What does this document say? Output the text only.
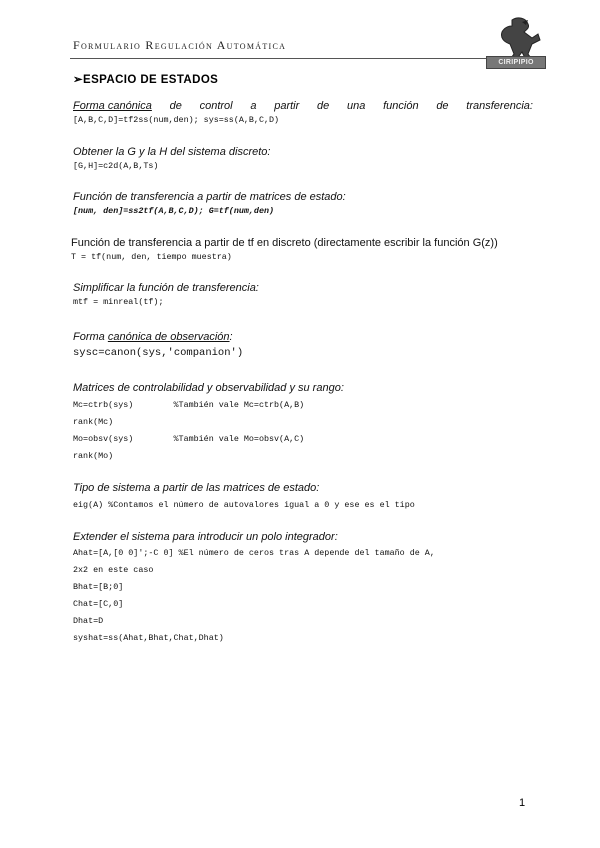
Formulario Regulación Automática
CIRIPIPIO
➢ESPACIO DE ESTADOS
Forma canónica de control a partir de una función de transferencia:
[A,B,C,D]=tf2ss(num,den); sys=ss(A,B,C,D)
Obtener la G y la H del sistema discreto:
[G,H]=c2d(A,B,Ts)
Función de transferencia a partir de matrices de estado:
[num, den]=ss2tf(A,B,C,D); G=tf(num,den)
Función de transferencia a partir de tf en discreto (directamente escribir la función G(z))
T = tf(num, den, tiempo muestra)
Simplificar la función de transferencia:
mtf = minreal(tf);
Forma canónica de observación:
sysc=canon(sys,'companion')
Matrices de controlabilidad y observabilidad y su rango:
Mc=ctrb(sys)        %También vale Mc=ctrb(A,B)
rank(Mc)
Mo=obsv(sys)        %También vale Mo=obsv(A,C)
rank(Mo)
Tipo de sistema a partir de las matrices de estado:
eig(A) %Contamos el número de autovalores igual a 0 y ese es el tipo
Extender el sistema para introducir un polo integrador:
Ahat=[A,[0 0]';-C 0] %El número de ceros tras A depende del tamaño de A,
2x2 en este caso
Bhat=[B;0]
Chat=[C,0]
Dhat=D
syshat=ss(Ahat,Bhat,Chat,Dhat)
1
